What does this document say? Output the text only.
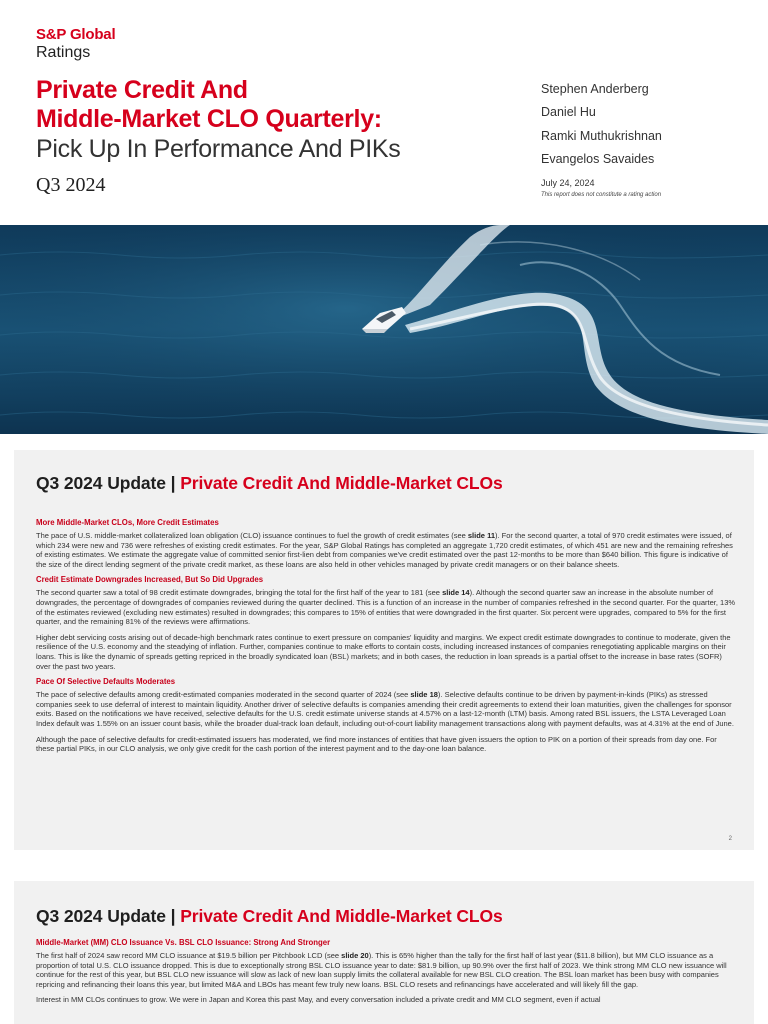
S&P Global
Ratings
Private Credit And
Middle-Market CLO Quarterly:
Pick Up In Performance And PIKs
Q3 2024
Stephen Anderberg
Daniel Hu
Ramki Muthukrishnan
Evangelos Savaides
July 24, 2024
This report does not constitute a rating action
Q3 2024 Update | Private Credit And Middle-Market CLOs
More Middle-Market CLOs, More Credit Estimates

The pace of U.S. middle-market collateralized loan obligation (CLO) issuance continues to fuel the growth of credit estimates (see slide 11). For the second quarter, a total of 970 credit estimates were issued, of which 234 were new and 736 were refreshes of existing credit estimates. For the year, S&P Global Ratings has completed an aggregate 1,720 credit estimates, of which 451 are new and the remaining refreshes of existing estimates. We estimate the aggregate value of committed senior first-lien debt from companies we've credit estimated over the past 12-months to be more than $640 billion. This figure is indicative of the size of the direct lending segment of the private credit market, as these loans are also held in other vehicles managed by private credit managers or on their balance sheets.

Credit Estimate Downgrades Increased, But So Did Upgrades

The second quarter saw a total of 98 credit estimate downgrades, bringing the total for the first half of the year to 181 (see slide 14). Although the second quarter saw an increase in the absolute number of downgrades, the percentage of downgrades of companies reviewed during the quarter declined. This is a function of an increase in the number of companies refreshed in the second quarter. For the quarter, 13% of the estimates reviewed (excluding new estimates) resulted in downgrades; this compares to 15% of entities that were downgraded in the first quarter. Six percent were upgrades, compared to 5% for the first quarter, and the remaining 81% of the reviews were affirmations.

Higher debt servicing costs arising out of decade-high benchmark rates continue to exert pressure on companies' liquidity and margins. We expect credit estimate downgrades to continue to moderate, given the resilience of the U.S. economy and the steadying of inflation. Further, companies continue to make efforts to contain costs, including increased instances of companies renegotiating applicable margins on their loans. This is like the dynamic of spreads getting repriced in the broadly syndicated loan (BSL) markets; and in both cases, the reduction in loan spreads is a partial offset to the increase in base rates (SOFR) over the past two years.

Pace Of Selective Defaults Moderates

The pace of selective defaults among credit-estimated companies moderated in the second quarter of 2024 (see slide 18). Selective defaults continue to be driven by payment-in-kinds (PIKs) as stressed companies seek to use deferral of interest to maintain liquidity. Another driver of selective defaults is companies amending their credit agreements to extend their loan maturities, given the challenges for sponsor exits. Based on the notifications we have received, selective defaults for the U.S. credit estimate universe stands at 4.57% on a last-12-month (LTM) basis. Among rated BSL issuers, the LSTA Leveraged Loan Index default was 1.55% on an issuer count basis, while the broader dual-track loan default, including out-of-court liability management transactions along with payment defaults, was at 4.31% at the end of June.

Although the pace of selective defaults for credit-estimated issuers has moderated, we find more instances of entities that have given issuers the option to PIK on a portion of their spreads from day one. For these partial PIKs, in our CLO analysis, we only give credit for the cash portion of the interest payment and to the day-one loan balance.

2
Q3 2024 Update | Private Credit And Middle-Market CLOs
Middle-Market (MM) CLO Issuance Vs. BSL CLO Issuance: Strong And Stronger

The first half of 2024 saw record MM CLO issuance at $19.5 billion per Pitchbook LCD (see slide 20). This is 65% higher than the tally for the first half of last year ($11.8 billion), but MM CLO issuance as a proportion of total U.S. CLO issuance dropped. This is due to exceptionally strong BSL CLO issuance year to date: $81.9 billion, up 90.9% over the first half of 2023. We think strong MM CLO new issuance will continue for the rest of this year, but BSL CLO new issuance will slow as lack of new loan supply limits the collateral available for new BSL CLO creation. The BSL loan market has been busy with companies repricing and refinancing their loans this year, but limited M&A and LBOs has meant few truly new loans. BSL CLO resets and refinancings have accelerated and will likely fill the gap.

Interest in MM CLOs continues to grow. We were in Japan and Korea this past May, and every conversation included a private credit and MM CLO segment, even if actual
